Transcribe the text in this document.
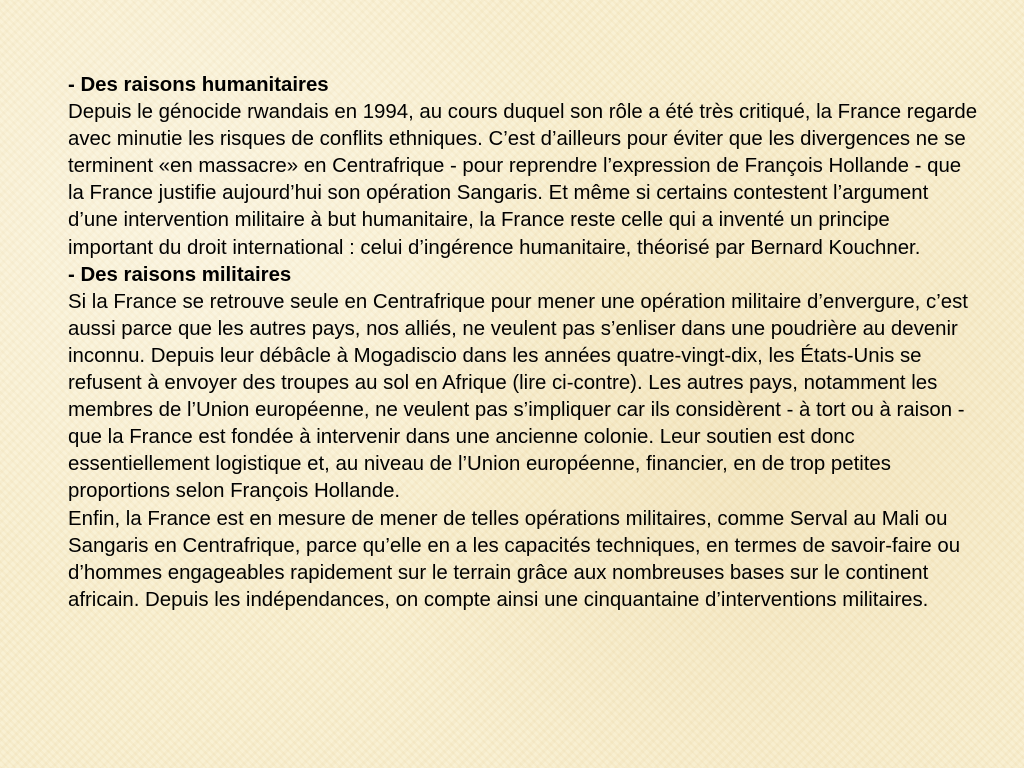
- Des raisons humanitaires

Depuis le génocide rwandais en 1994, au cours duquel son rôle a été très critiqué, la France regarde avec minutie les risques de conflits ethniques. C’est d’ailleurs pour éviter que les divergences ne se terminent «en massacre» en Centrafrique - pour reprendre l’expression de François Hollande - que la France justifie aujourd’hui son opération Sangaris. Et même si certains contestent l’argument d’une intervention militaire à but humanitaire, la France reste celle qui a inventé un principe important du droit international : celui d’ingérence humanitaire, théorisé par Bernard Kouchner.

- Des raisons militaires

Si la France se retrouve seule en Centrafrique pour mener une opération militaire d’envergure, c’est aussi parce que les autres pays, nos alliés, ne veulent pas s’enliser dans une poudrière au devenir inconnu. Depuis leur débâcle à Mogadiscio dans les années quatre-vingt-dix, les États-Unis se refusent à envoyer des troupes au sol en Afrique (lire ci-contre). Les autres pays, notamment les membres de l’Union européenne, ne veulent pas s’impliquer car ils considèrent - à tort ou à raison - que la France est fondée à intervenir dans une ancienne colonie. Leur soutien est donc essentiellement logistique et, au niveau de l’Union européenne, financier, en de trop petites proportions selon François Hollande.

Enfin, la France est en mesure de mener de telles opérations militaires, comme Serval au Mali ou Sangaris en Centrafrique, parce qu’elle en a les capacités techniques, en termes de savoir-faire ou d’hommes engageables rapidement sur le terrain grâce aux nombreuses bases sur le continent africain. Depuis les indépendances, on compte ainsi une cinquantaine d’interventions militaires.
